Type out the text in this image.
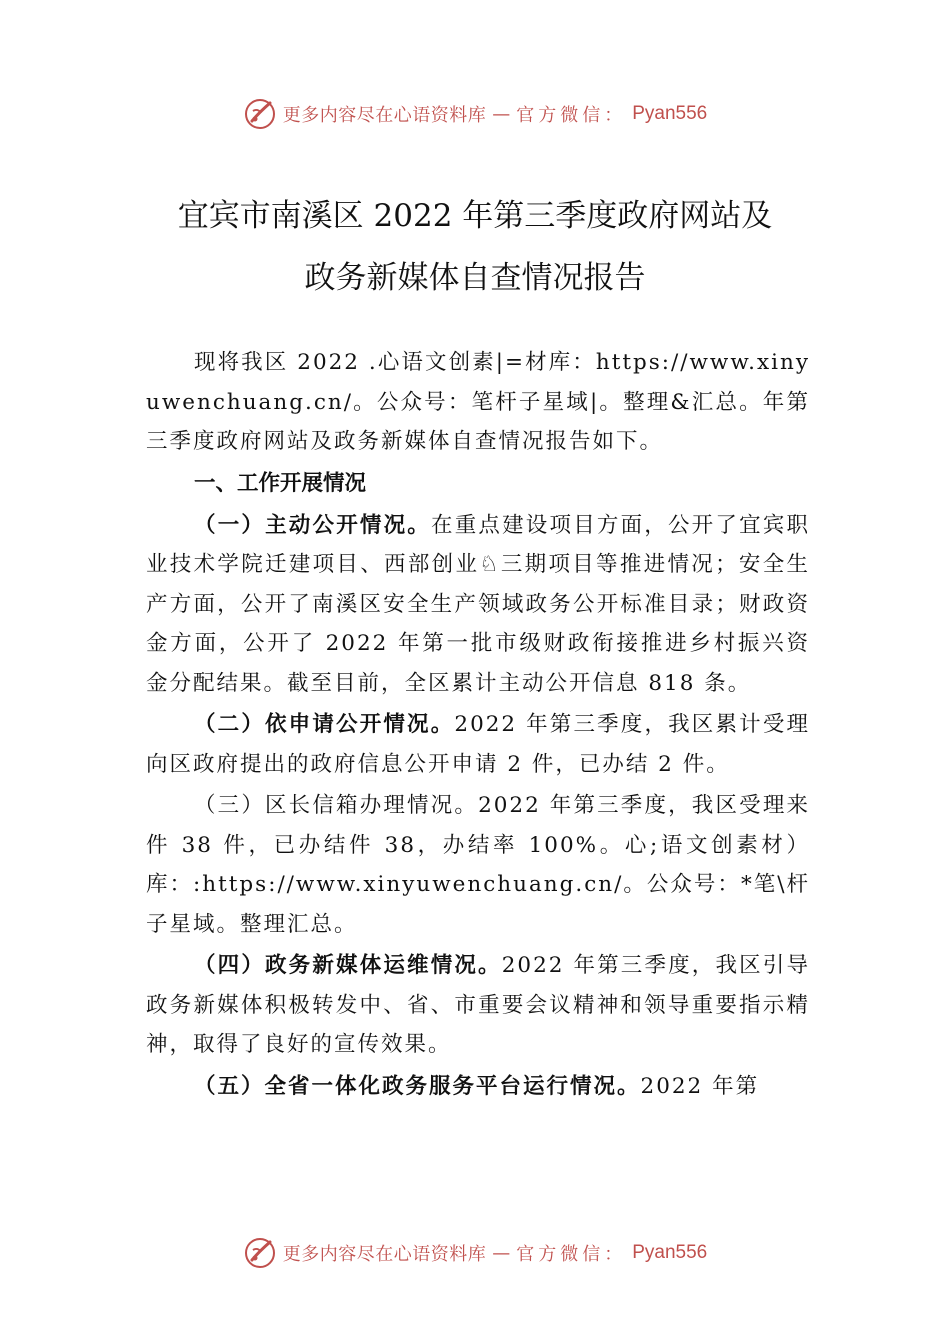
更多内容尽在心语资料库 — 官方微信： Pyan556
宜宾市南溪区 2022 年第三季度政府网站及
政务新媒体自查情况报告

现将我区 2022 .心语文创素|=材库：https://www.xinyuwenchuang.cn/。公众号：笔杆子星域|。整理&汇总。年第三季度政府网站及政务新媒体自查情况报告如下。

一、工作开展情况

（一）主动公开情况。在重点建设项目方面，公开了宜宾职业技术学院迁建项目、西部创业♘三期项目等推进情况；安全生产方面，公开了南溪区安全生产领域政务公开标准目录；财政资金方面，公开了 2022 年第一批市级财政衔接推进乡村振兴资金分配结果。截至目前，全区累计主动公开信息 818 条。

（二）依申请公开情况。2022 年第三季度，我区累计受理向区政府提出的政府信息公开申请 2 件，已办结 2 件。

（三）区长信箱办理情况。2022 年第三季度，我区受理来件 38 件，已办结件 38，办结率 100%。心;语文创素材）库：:https://www.xinyuwenchuang.cn/。公众号：*笔\杆子星域。整理汇总。

（四）政务新媒体运维情况。2022 年第三季度，我区引导政务新媒体积极转发中、省、市重要会议精神和领导重要指示精神，取得了良好的宣传效果。

（五）全省一体化政务服务平台运行情况。2022 年第

更多内容尽在心语资料库 — 官方微信： Pyan556
